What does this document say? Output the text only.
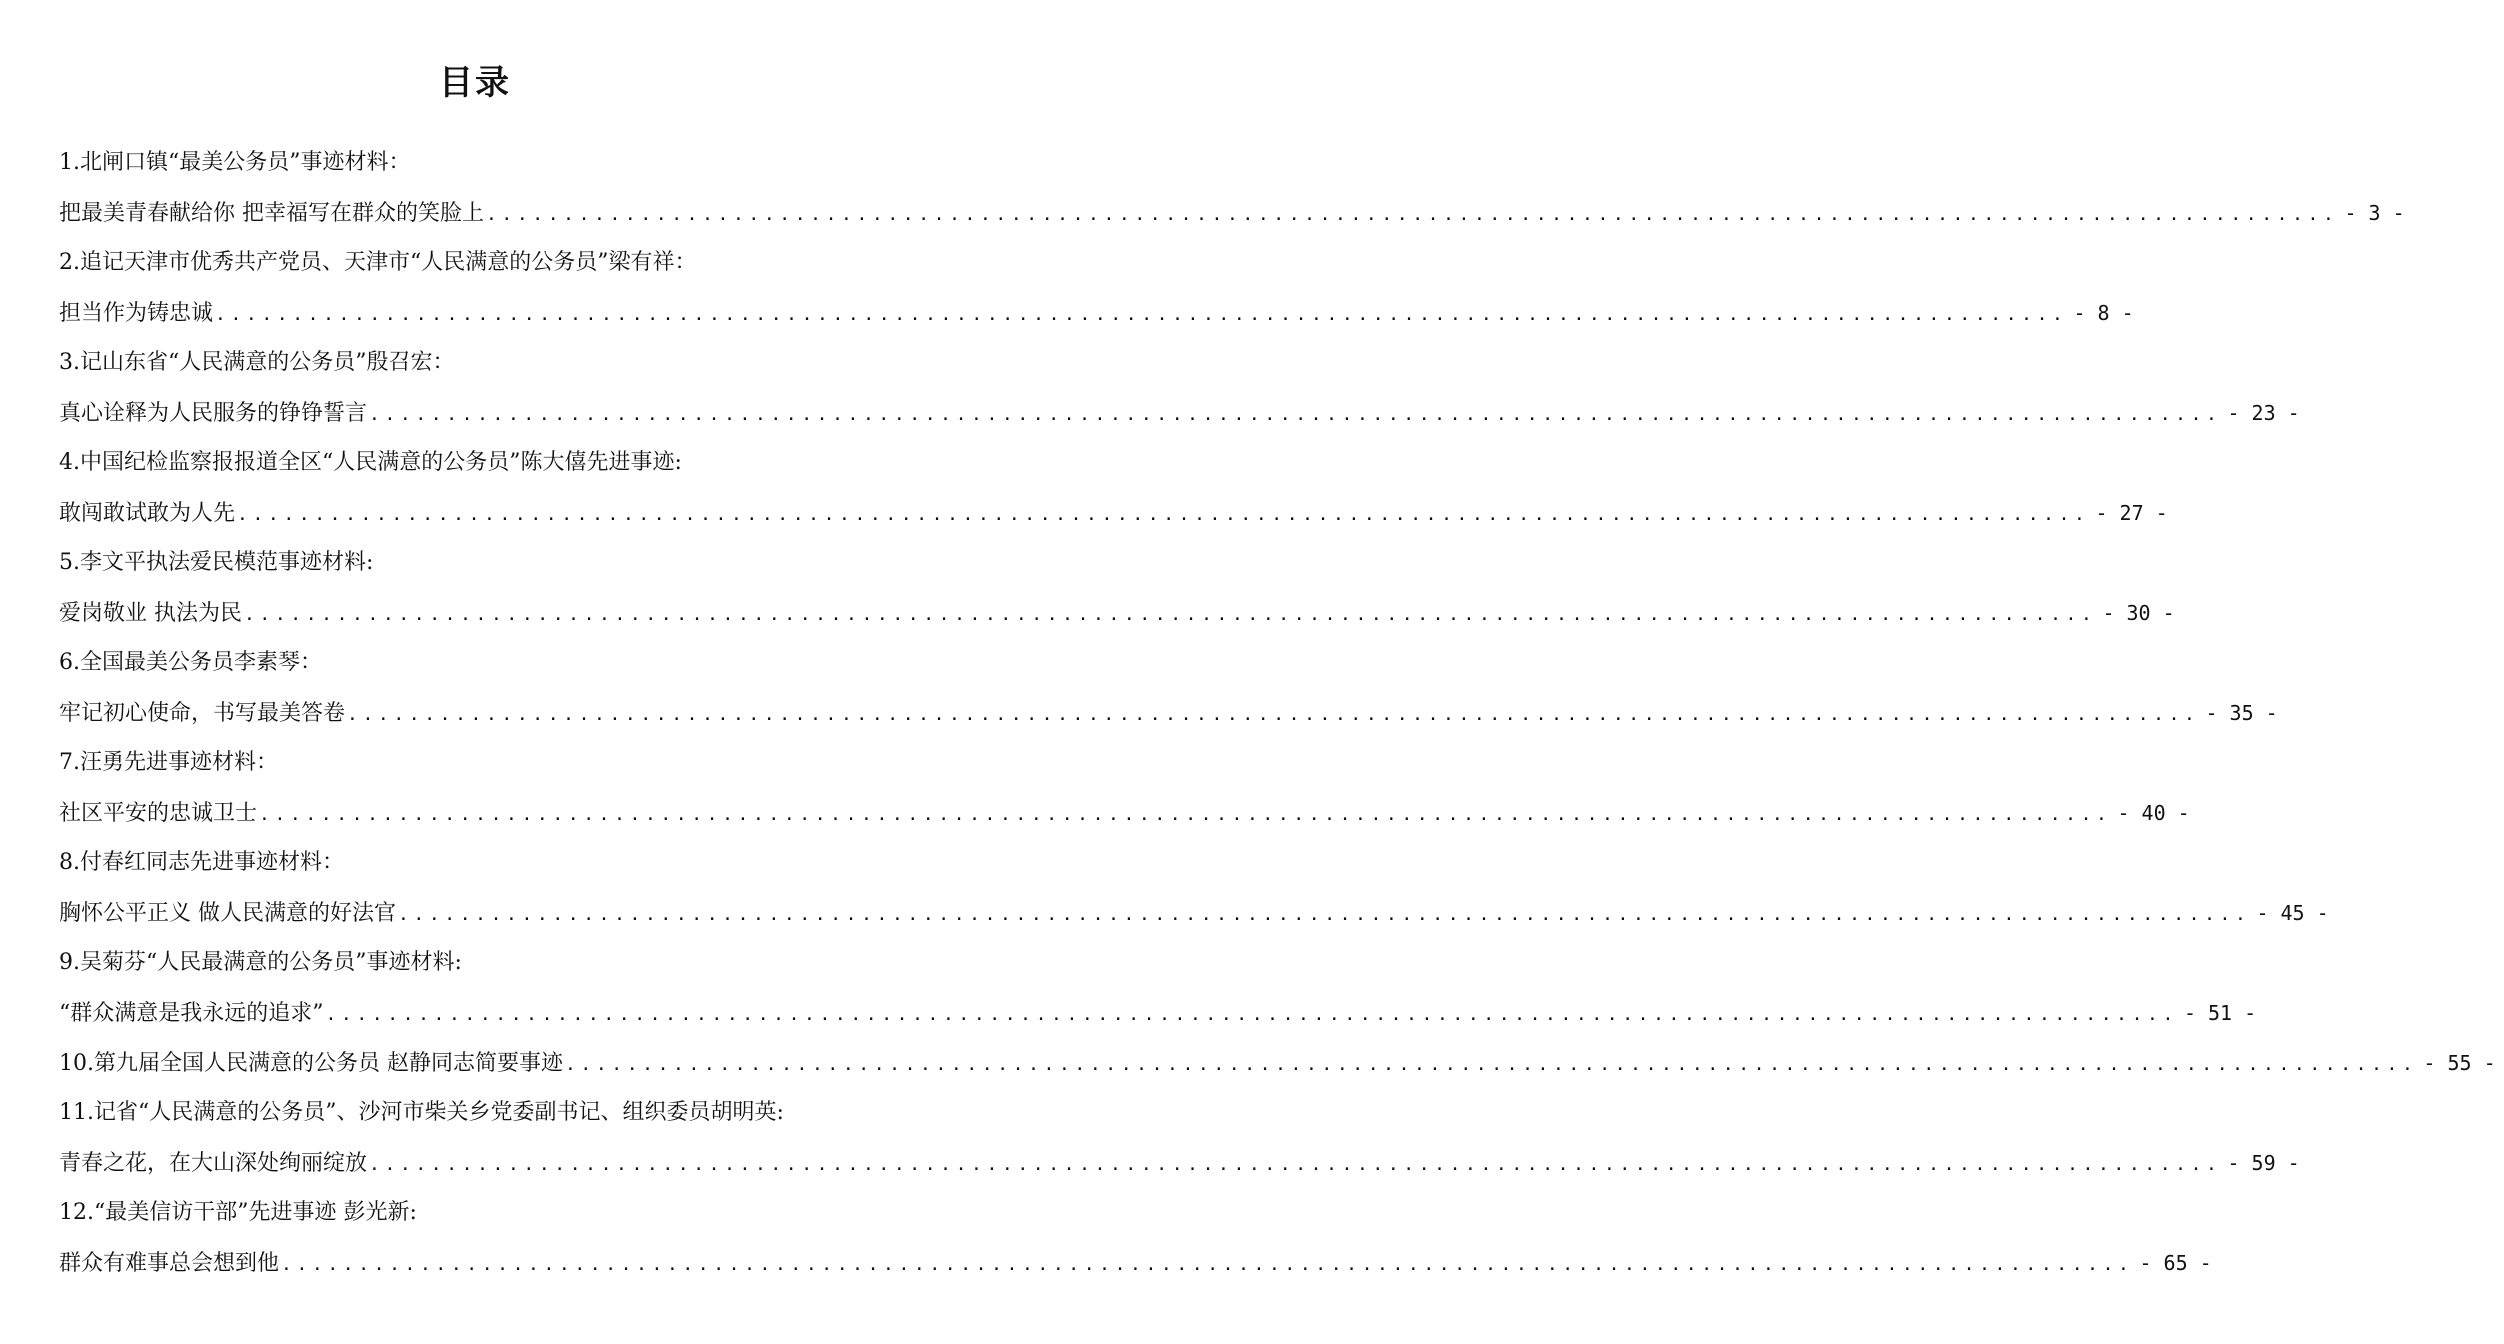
目录
1.北闸口镇“最美公务员”事迹材料：
把最美青春献给你 把幸福写在群众的笑脸上 ........................................................................................................................ - 3 -
2.追记天津市优秀共产党员、天津市“人民满意的公务员”梁有祥：
担当作为铸忠诚 ........................................................................................................................ - 8 -
3.记山东省“人民满意的公务员”殷召宏：
真心诠释为人民服务的铮铮誓言 ........................................................................................................................ - 23 -
4.中国纪检监察报报道全区“人民满意的公务员”陈大僖先进事迹:
敢闯敢试敢为人先 ........................................................................................................................ - 27 -
5.李文平执法爱民模范事迹材料:
爱岗敬业 执法为民 ........................................................................................................................ - 30 -
6.全国最美公务员李素琴：
牢记初心使命，书写最美答卷 ........................................................................................................................ - 35 -
7.汪勇先进事迹材料：
社区平安的忠诚卫士 ........................................................................................................................ - 40 -
8.付春红同志先进事迹材料：
胸怀公平正义 做人民满意的好法官 ........................................................................................................................ - 45 -
9.吴菊芬“人民最满意的公务员”事迹材料:
“群众满意是我永远的追求” ........................................................................................................................ - 51 -
10.第九届全国人民满意的公务员 赵静同志简要事迹 ........................................................................................................................ - 55 -
11.记省“人民满意的公务员”、沙河市柴关乡党委副书记、组织委员胡明英:
青春之花，在大山深处绚丽绽放 ........................................................................................................................ - 59 -
12.“最美信访干部”先进事迹 彭光新:
群众有难事总会想到他 ........................................................................................................................ - 65 -
